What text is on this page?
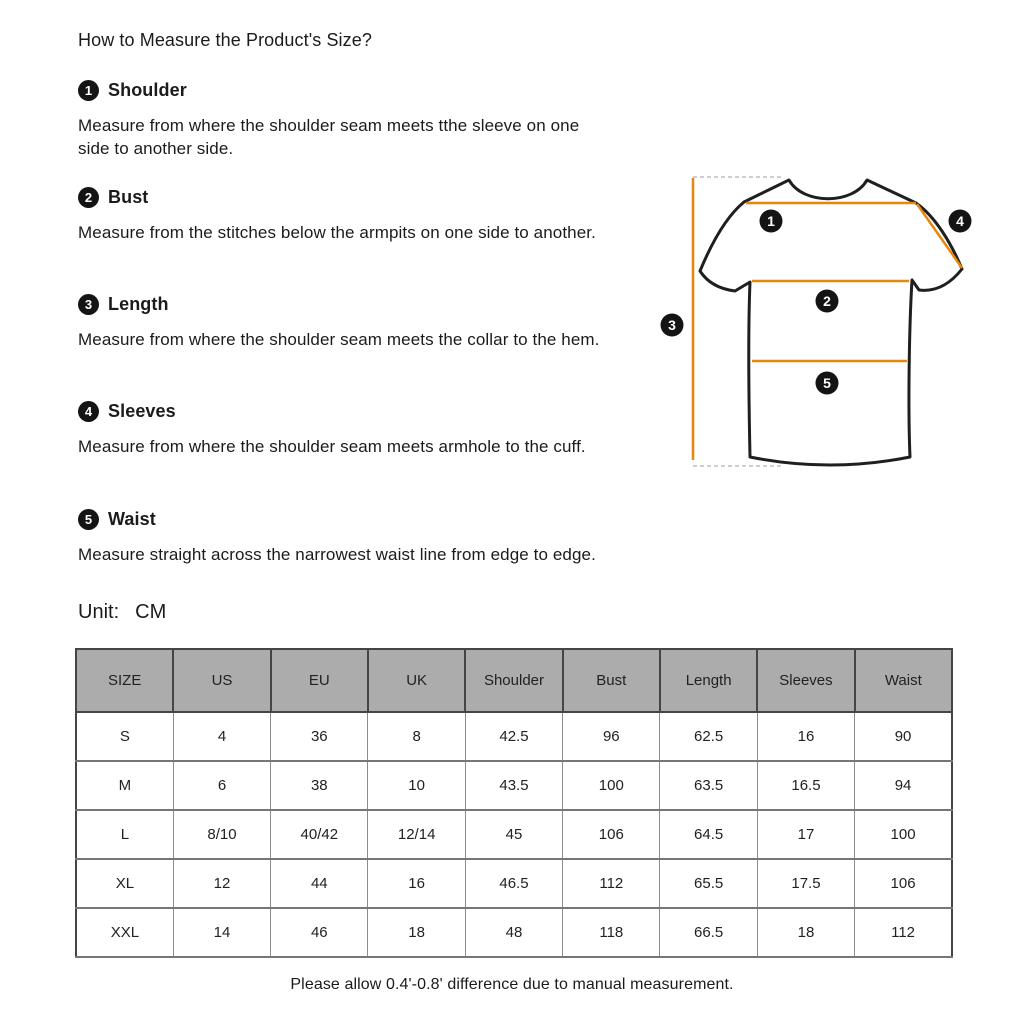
How to Measure the Product's Size?
1 Shoulder
Measure from where the shoulder seam meets tthe sleeve on one side to another side.
2 Bust
Measure from the stitches below the armpits on one side to another.
3 Length
Measure from where the shoulder seam meets the collar to the hem.
4 Sleeves
Measure from where the shoulder seam meets armhole to the cuff.
5 Waist
Measure straight across the narrowest waist line from edge to edge.
Unit: CM
1
2
3
4
5
SIZE	US	EU	UK	Shoulder	Bust	Length	Sleeves	Waist
S	4	36	8	42.5	96	62.5	16	90
M	6	38	10	43.5	100	63.5	16.5	94
L	8/10	40/42	12/14	45	106	64.5	17	100
XL	12	44	16	46.5	112	65.5	17.5	106
XXL	14	46	18	48	118	66.5	18	112
Please allow 0.4'-0.8' difference due to manual measurement.
